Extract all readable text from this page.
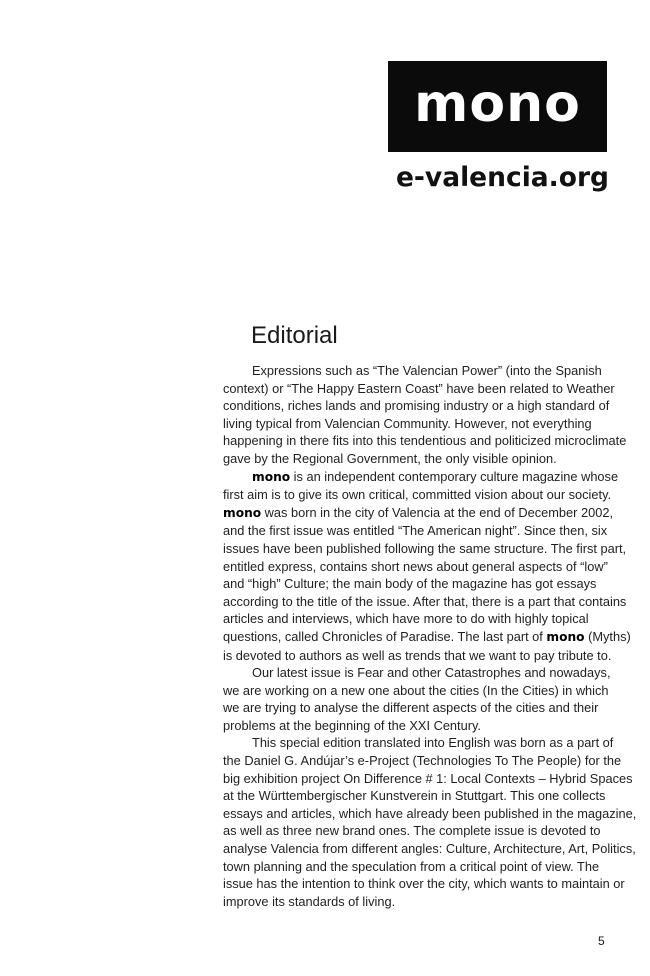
mono
e-valencia.org
Editorial
Expressions such as “The Valencian Power” (into the Spanish
context) or “The Happy Eastern Coast” have been related to Weather
conditions, riches lands and promising industry or a high standard of
living typical from Valencian Community. However, not everything
happening in there fits into this tendentious and politicized microclimate
gave by the Regional Government, the only visible opinion.
mono is an independent contemporary culture magazine whose
first aim is to give its own critical, committed vision about our society.
mono was born in the city of Valencia at the end of December 2002,
and the first issue was entitled “The American night”. Since then, six
issues have been published following the same structure. The first part,
entitled express, contains short news about general aspects of “low”
and “high” Culture; the main body of the magazine has got essays
according to the title of the issue. After that, there is a part that contains
articles and interviews, which have more to do with highly topical
questions, called Chronicles of Paradise. The last part of mono (Myths)
is devoted to authors as well as trends that we want to pay tribute to.
Our latest issue is Fear and other Catastrophes and nowadays,
we are working on a new one about the cities (In the Cities) in which
we are trying to analyse the different aspects of the cities and their
problems at the beginning of the XXI Century.
This special edition translated into English was born as a part of
the Daniel G. Andújar’s e-Project (Technologies To The People) for the
big exhibition project On Difference # 1: Local Contexts – Hybrid Spaces
at the Württembergischer Kunstverein in Stuttgart. This one collects
essays and articles, which have already been published in the magazine,
as well as three new brand ones. The complete issue is devoted to
analyse Valencia from different angles: Culture, Architecture, Art, Politics,
town planning and the speculation from a critical point of view. The
issue has the intention to think over the city, which wants to maintain or
improve its standards of living.
5
